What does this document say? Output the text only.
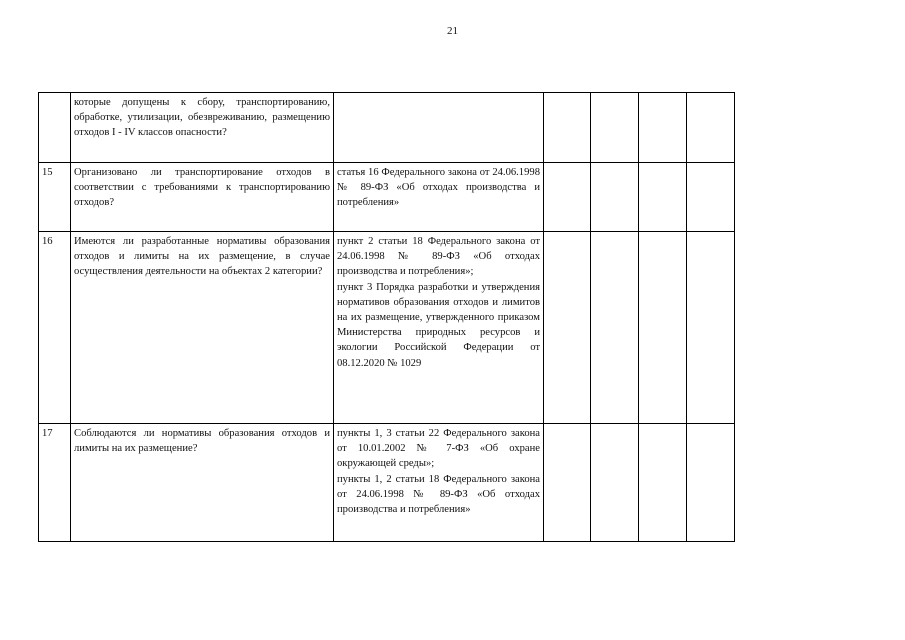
21
	которые допущены к сбору, транспортированию, обработке, утилизации, обезвреживанию, размещению отходов I - IV классов опасности?					
15	Организовано ли транспортирование отходов в соответствии с требованиями к транспортированию отходов?	статья 16 Федерального закона от 24.06.1998 № 89-ФЗ «Об отходах производства и потребления»				

16	Имеются ли разработанные нормативы образования отходов и лимиты на их размещение, в случае осуществления деятельности на объектах 2 категории?	пункт 2 статьи 18 Федерального закона от 24.06.1998 № 89-ФЗ «Об отходах производства и потребления»;
пункт 3 Порядка разработки и утверждения нормативов образования отходов и лимитов на их размещение, утвержденного приказом Министерства природных ресурсов и экологии Российской Федерации от 08.12.2020 № 1029				

17	Соблюдаются ли нормативы образования отходов и лимиты на их размещение?	пункты 1, 3 статьи 22 Федерального закона от 10.01.2002 № 7-ФЗ «Об охране окружающей среды»;
пункты 1, 2 статьи 18 Федерального закона от 24.06.1998 № 89-ФЗ «Об отходах производства и потребления»				
